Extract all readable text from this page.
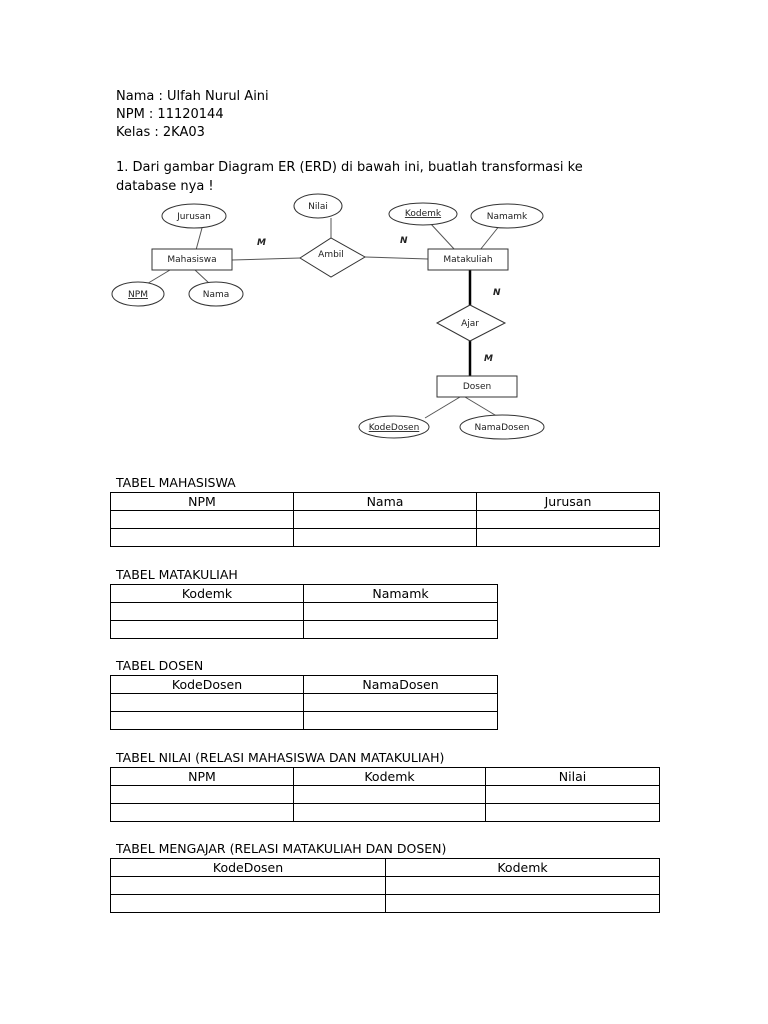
Nama : Ulfah Nurul Aini
NPM : 11120144
Kelas : 2KA03
1. Dari gambar Diagram ER (ERD) di bawah ini, buatlah transformasi ke database nya !
Mahasiswa	Matakuliah
Dosen
Ambil
Ajar
Jurusan
Nilai
Kodemk	Namamk
NPM	Nama
KodeDosen	NamaDosen
M	N
N
M
TABEL MAHASISWA
NPM	Nama	Jurusan

TABEL MATAKULIAH
Kodemk	Namamk

TABEL DOSEN
KodeDosen	NamaDosen

TABEL NILAI (RELASI MAHASISWA DAN MATAKULIAH)
NPM	Kodemk	Nilai

TABEL MENGAJAR (RELASI MATAKULIAH DAN DOSEN)
KodeDosen	Kodemk
